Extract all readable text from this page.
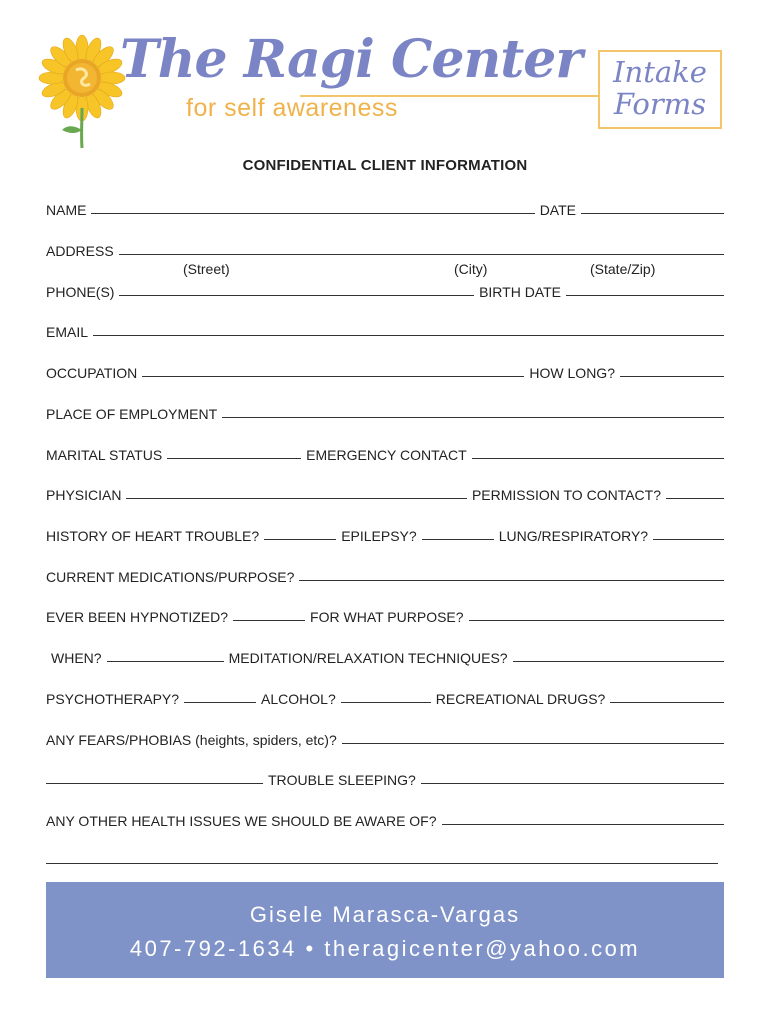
The Ragi Center
for self awareness
Intake
Forms
CONFIDENTIAL CLIENT INFORMATION
NAME	DATE
ADDRESS
(Street)	(City)	(State/Zip)
PHONE(S)	BIRTH DATE
EMAIL
OCCUPATION	HOW LONG?
PLACE OF EMPLOYMENT
MARITAL STATUS	EMERGENCY CONTACT
PHYSICIAN	PERMISSION TO CONTACT?
HISTORY OF HEART TROUBLE?	EPILEPSY?	LUNG/RESPIRATORY?
CURRENT MEDICATIONS/PURPOSE?
EVER BEEN HYPNOTIZED?	FOR WHAT PURPOSE?
WHEN?	MEDITATION/RELAXATION TECHNIQUES?
PSYCHOTHERAPY?	ALCOHOL?	RECREATIONAL DRUGS?
ANY FEARS/PHOBIAS (heights, spiders, etc)?
TROUBLE SLEEPING?
ANY OTHER HEALTH ISSUES WE SHOULD BE AWARE OF?
Gisele Marasca-Vargas
407-792-1634 • theragicenter@yahoo.com
